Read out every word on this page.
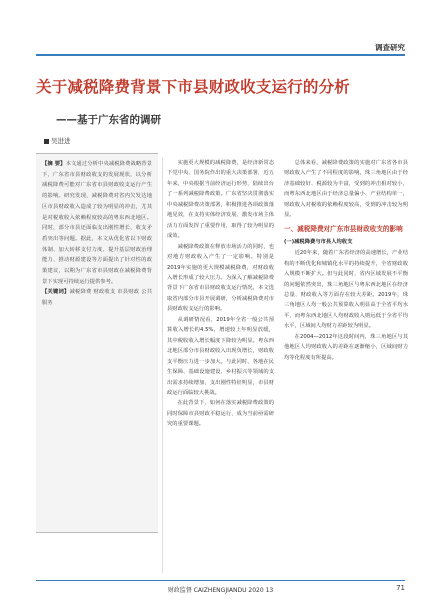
调查研究
关于减税降费背景下市县财政收支运行的分析
——基于广东省的调研
吴进进
【摘 要】本文通过分析中央减税降费战略背景下，广东省市县财政收支的发展现状，以分析减税降费可能对广东省市县财政收支运行产生的影响。研究发现，减税降费对省内欠发达地区市县财政收入造成了较为明显的冲击，尤其是对税收收入依赖程度较高的粤东西北地区。同时，部分市县还面临支出刚性增长、收支矛盾突出等问题。据此，本文从优化省以下财政体制、加大转移支付力度、提升基层财政治理能力、推动财源建设等方面提出了针对性的政策建议，以期为广东省市县财政在减税降费背景下实现可持续运行提供参考。
【关键词】减税降费 财政收支 市县财政 公共服务

实施更大规模的减税降费，是经济新常态下党中央、国务院作出的重大决策部署，近五年来，中央根据当前经济运行形势，陆续出台了一系列减税降费政策。广东省坚决贯彻落实中央减税降费决策部署，积极推进各项政策落地见效，在支持实体经济发展、激发市场主体活力方面发挥了重要作用，取得了较为明显的成效。

减税降费政策在释放市场活力的同时，也对地方财政收入产生了一定影响。特别是2019年实施的更大规模减税降费，对财政收入增长形成了较大压力。为深入了解减税降费背景下广东省市县财政收支运行情况，本文选取省内部分市县开展调研，分析减税降费对市县财政收支运行的影响。

从调研情况看，2019年全省一般公共预算收入增长约4.5%，增速较上年明显放缓，其中税收收入增长幅度下降较为明显。粤东西北地区部分市县财政收入出现负增长，财政收支平衡压力进一步加大。与此同时，各地在民生保障、基础设施建设、乡村振兴等领域的支出需求持续增加，支出刚性特征明显，市县财政运行面临较大挑战。

在此背景下，如何在落实减税降费政策的同时保障市县财政平稳运行，成为当前亟需研究的重要课题。

总体来看，减税降费政策的实施对广东省各市县财政收入产生了不同程度的影响，珠三角地区由于经济基础较好、税源较为丰富，受到的冲击相对较小，而粤东西北地区由于经济总量偏小、产业结构单一，财政收入对税收的依赖程度较高，受到的冲击较为明显。

一、减税降费对广东市县财政收支的影响

(一)减税降费与市县人均收支

近20年来，随着广东省经济的高速增长，产业结构的不断优化和城镇化水平的持续提升，全省财政收入规模不断扩大。但与此同时，省内区域发展不平衡的问题依然突出，珠三角地区与粤东西北地区在经济总量、财政收入等方面存在较大差距。2019年，珠三角地区人均一般公共预算收入明显高于全省平均水平，而粤东西北地区人均财政收入则远低于全省平均水平，区域间人均财力差距较为明显。

在2004—2012年这段时间内，珠三角地区与其他地区人均财政收入的差距在逐渐缩小，区域间财力均等化程度有所提高。

财政监督 CAIZHENGJIANDU 2020 13	71
